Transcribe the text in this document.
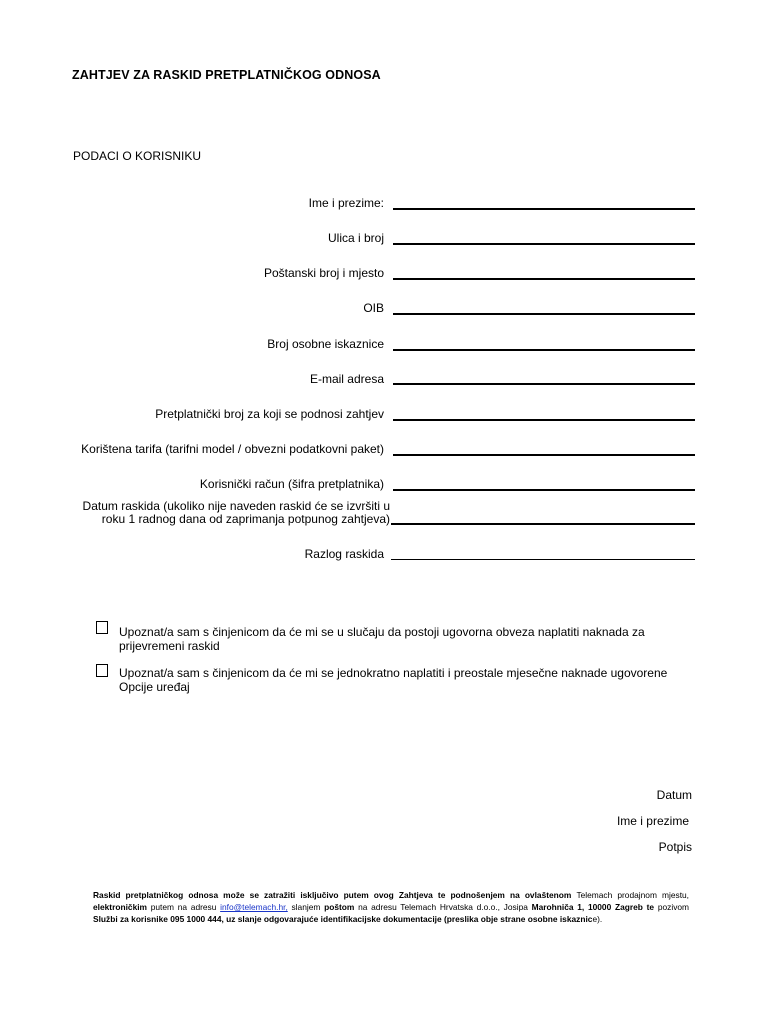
ZAHTJEV ZA RASKID PRETPLATNIČKOG ODNOSA
PODACI O KORISNIKU
Ime i prezime:
Ulica i broj
Poštanski broj i mjesto
OIB
Broj osobne iskaznice
E-mail adresa
Pretplatnički broj za koji se podnosi zahtjev
Korištena tarifa (tarifni model / obvezni podatkovni paket)
Korisnički račun (šifra pretplatnika)
Datum raskida (ukoliko nije naveden raskid će se izvršiti u
roku 1 radnog dana od zaprimanja potpunog zahtjeva)
Razlog raskida
Upoznat/a sam s činjenicom da će mi se u slučaju da postoji ugovorna obveza naplatiti naknada za prijevremeni raskid
Upoznat/a sam s činjenicom da će mi se jednokratno naplatiti i preostale mjesečne naknade ugovorene Opcije uređaj
Datum
Ime i prezime
Potpis
Raskid pretplatničkog odnosa može se zatražiti isključivo putem ovog Zahtjeva te podnošenjem na ovlaštenom Telemach prodajnom mjestu, elektroničkim putem na adresu info@telemach.hr, slanjem poštom na adresu Telemach Hrvatska d.o.o., Josipa Marohniča 1, 10000 Zagreb te pozivom Službi za korisnike 095 1000 444, uz slanje odgovarajuće identifikacijske dokumentacije (preslika obje strane osobne iskaznice).
